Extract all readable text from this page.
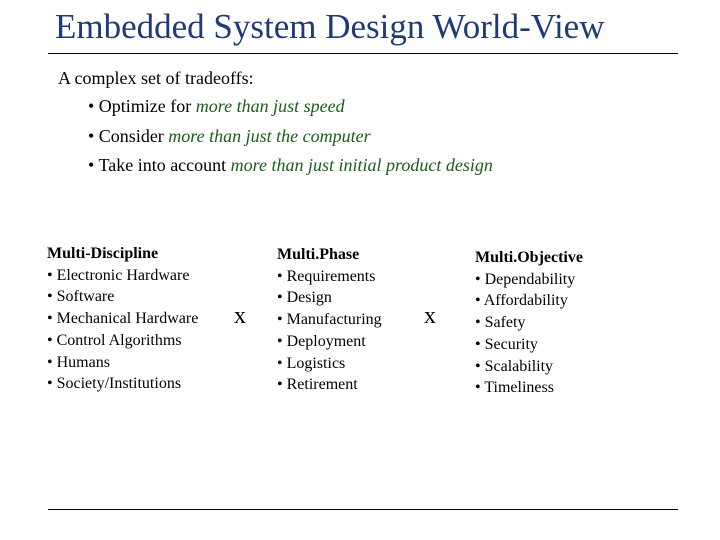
Embedded System Design World-View
A complex set of tradeoffs:
• Optimize for more than just speed
• Consider more than just the computer
• Take into account more than just initial product design
Multi-Discipline
• Electronic Hardware
• Software
• Mechanical Hardware
• Control Algorithms
• Humans
• Society/Institutions
x
Multi.Phase
• Requirements
• Design
• Manufacturing
• Deployment
• Logistics
• Retirement
x
Multi.Objective
• Dependability
• Affordability
• Safety
• Security
• Scalability
• Timeliness
